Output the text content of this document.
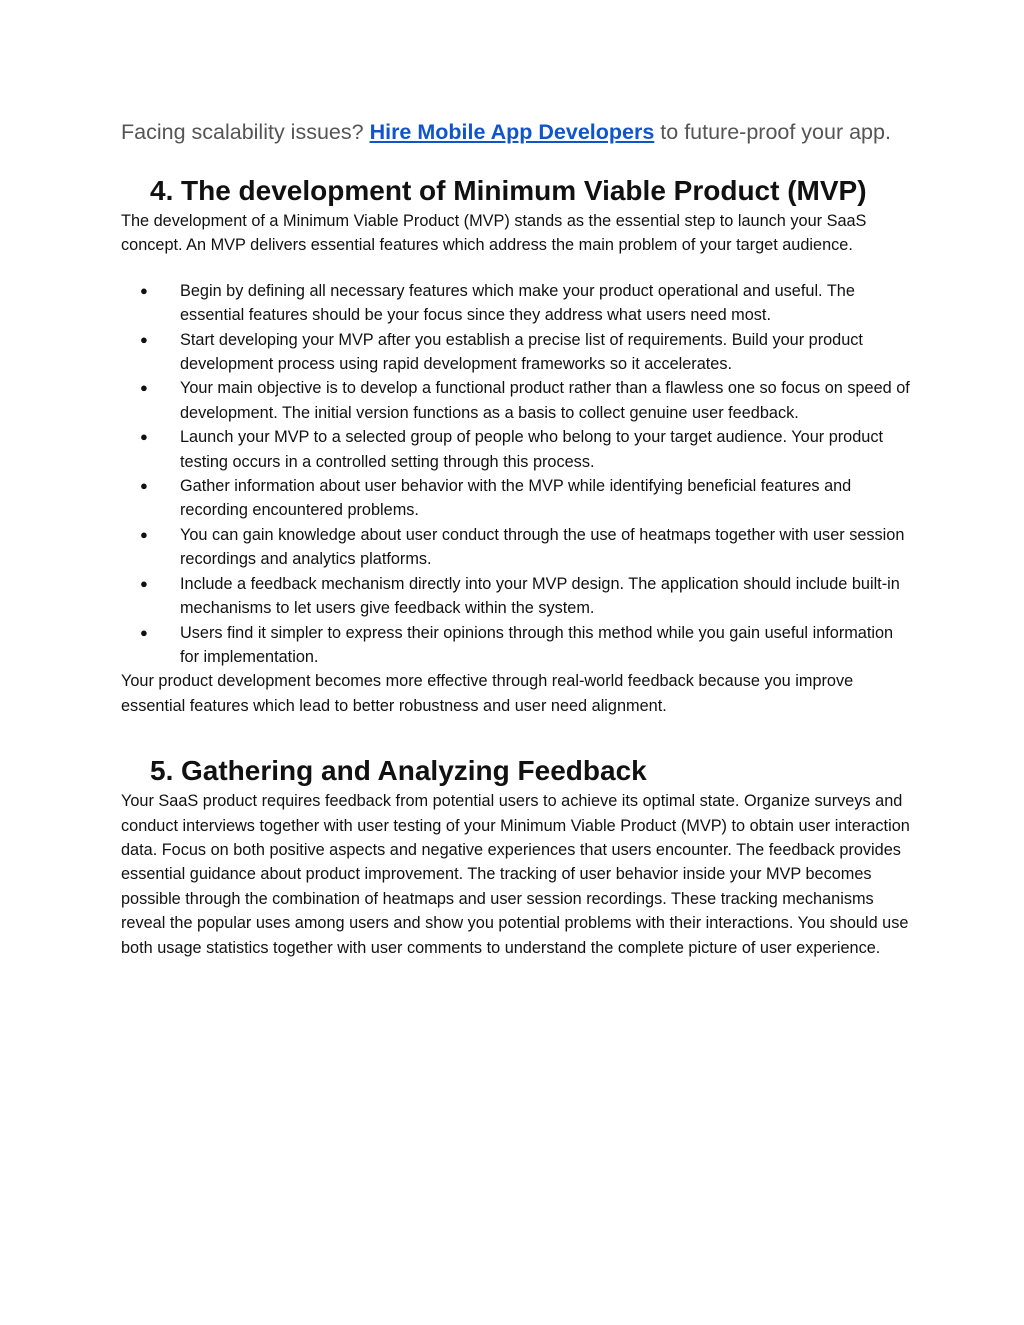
Facing scalability issues? Hire Mobile App Developers to future-proof your app.

4. The development of Minimum Viable Product (MVP)

The development of a Minimum Viable Product (MVP) stands as the essential step to launch your SaaS concept. An MVP delivers essential features which address the main problem of your target audience.

● Begin by defining all necessary features which make your product operational and useful. The essential features should be your focus since they address what users need most.
● Start developing your MVP after you establish a precise list of requirements. Build your product development process using rapid development frameworks so it accelerates.
● Your main objective is to develop a functional product rather than a flawless one so focus on speed of development. The initial version functions as a basis to collect genuine user feedback.
● Launch your MVP to a selected group of people who belong to your target audience. Your product testing occurs in a controlled setting through this process.
● Gather information about user behavior with the MVP while identifying beneficial features and recording encountered problems.
● You can gain knowledge about user conduct through the use of heatmaps together with user session recordings and analytics platforms.
● Include a feedback mechanism directly into your MVP design. The application should include built-in mechanisms to let users give feedback within the system.
● Users find it simpler to express their opinions through this method while you gain useful information for implementation.

Your product development becomes more effective through real-world feedback because you improve essential features which lead to better robustness and user need alignment.

5. Gathering and Analyzing Feedback

Your SaaS product requires feedback from potential users to achieve its optimal state. Organize surveys and conduct interviews together with user testing of your Minimum Viable Product (MVP) to obtain user interaction data. Focus on both positive aspects and negative experiences that users encounter. The feedback provides essential guidance about product improvement. The tracking of user behavior inside your MVP becomes possible through the combination of heatmaps and user session recordings. These tracking mechanisms reveal the popular uses among users and show you potential problems with their interactions. You should use both usage statistics together with user comments to understand the complete picture of user experience.
